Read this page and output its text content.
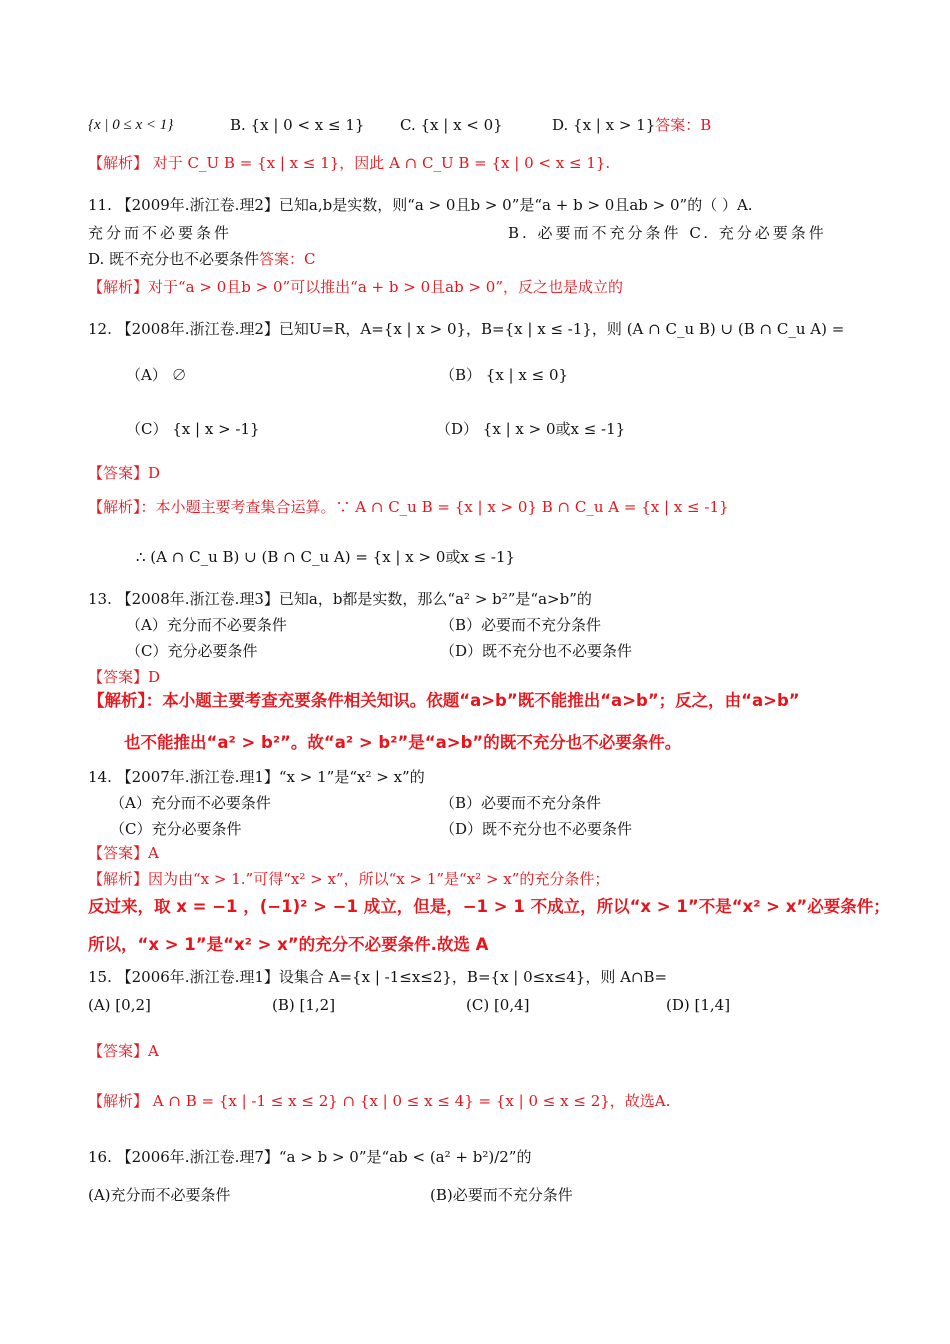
{x | 0 ≤ x < 1}	B. {x | 0 < x ≤ 1} C. {x | x < 0}	D. {x | x > 1}答案：B
【解析】 对于 C_U B = {x | x ≤ 1}，因此 A ∩ C_U B = {x | 0 < x ≤ 1}.
11. 【2009年.浙江卷.理2】已知a,b是实数，则“a > 0且b > 0”是“a + b > 0且ab > 0”的（ ）A.
充分而不必要条件	B. 必要而不充分条件 C. 充分必要条件
D. 既不充分也不必要条件答案：C
【解析】对于“a > 0且b > 0”可以推出“a + b > 0且ab > 0”，反之也是成立的
12. 【2008年.浙江卷.理2】已知U=R，A={x | x > 0}，B={x | x ≤ -1}，则 (A ∩ C_u B) ∪ (B ∩ C_u A) =
（A） ∅	（B） {x | x ≤ 0}
（C） {x | x > -1}	（D） {x | x > 0或x ≤ -1}
【答案】D
【解析】：本小题主要考查集合运算。∵ A ∩ C_u B = {x | x > 0} B ∩ C_u A = {x | x ≤ -1}
∴ (A ∩ C_u B) ∪ (B ∩ C_u A) = {x | x > 0或x ≤ -1}
13. 【2008年.浙江卷.理3】已知a，b都是实数，那么“a² > b²”是“a>b”的
（A）充分而不必要条件	（B）必要而不充分条件
（C）充分必要条件	（D）既不充分也不必要条件
【答案】D
【解析】：本小题主要考查充要条件相关知识。依题“a>b”既不能推出“a>b”；反之，由“a>b”
也不能推出“a² > b²”。故“a² > b²”是“a>b”的既不充分也不必要条件。
14. 【2007年.浙江卷.理1】“x > 1”是“x² > x”的
（A）充分而不必要条件	（B）必要而不充分条件
（C）充分必要条件	（D）既不充分也不必要条件
【答案】A
【解析】因为由“x > 1.”可得“x² > x”，所以“x > 1”是“x² > x”的充分条件；
反过来，取 x = −1 ，(−1)² > −1 成立，但是，−1 > 1 不成立，所以“x > 1”不是“x² > x”必要条件；
所以，“x > 1”是“x² > x”的充分不必要条件.故选 A
15. 【2006年.浙江卷.理1】设集合 A={x | -1≤x≤2}，B={x | 0≤x≤4}，则 A∩B=
(A) [0,2]	(B) [1,2]	(C) [0,4]	(D) [1,4]
【答案】A
【解析】 A ∩ B = {x | -1 ≤ x ≤ 2} ∩ {x | 0 ≤ x ≤ 4} = {x | 0 ≤ x ≤ 2}，故选A.
16. 【2006年.浙江卷.理7】“a > b > 0”是“ab < (a² + b²)/2”的
(A)充分而不必要条件	(B)必要而不充分条件
